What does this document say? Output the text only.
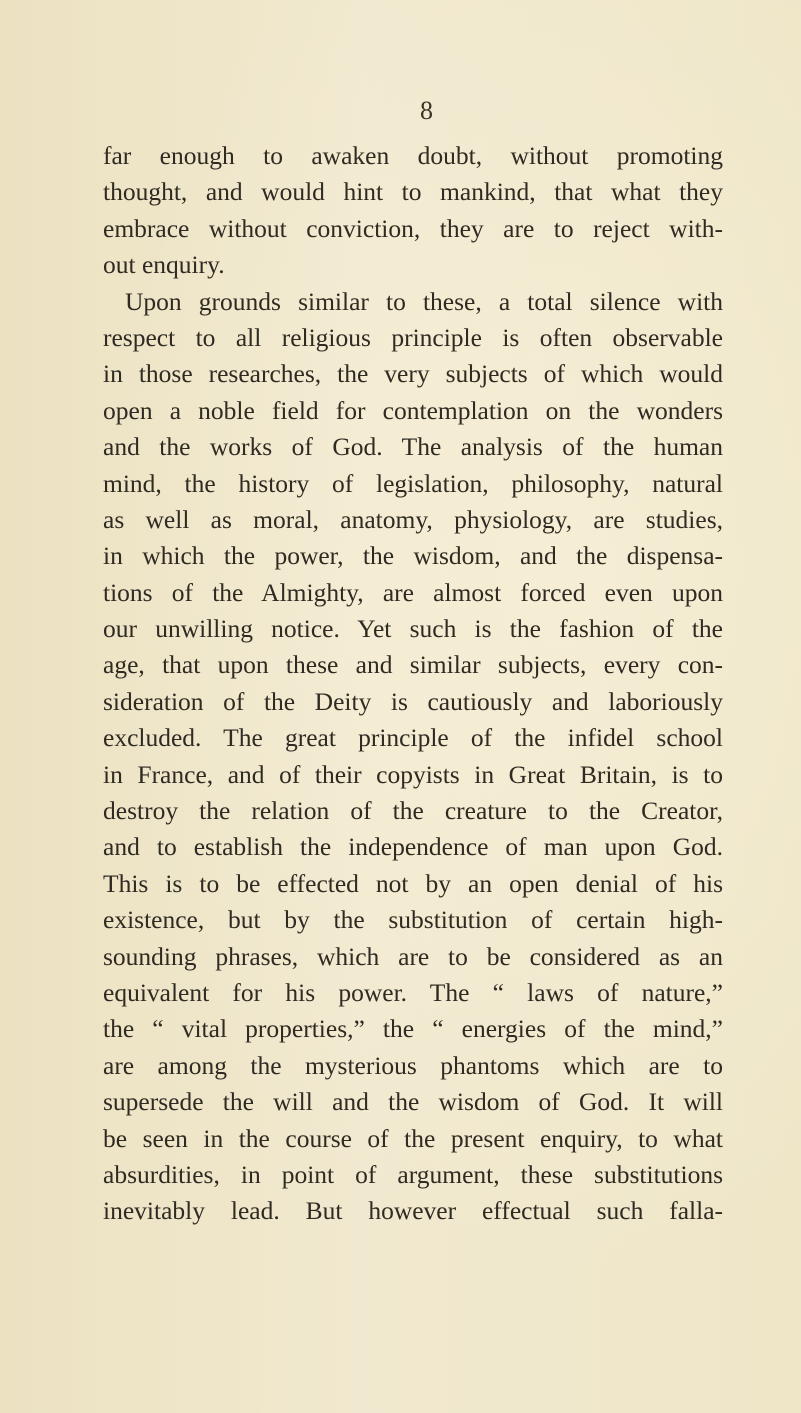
8
far enough to awaken doubt, without promoting
thought, and would hint to mankind, that what they
embrace without conviction, they are to reject with-
out enquiry.
Upon grounds similar to these, a total silence with
respect to all religious principle is often observable
in those researches, the very subjects of which would
open a noble field for contemplation on the wonders
and the works of God. The analysis of the human
mind, the history of legislation, philosophy, natural
as well as moral, anatomy, physiology, are studies,
in which the power, the wisdom, and the dispensa-
tions of the Almighty, are almost forced even upon
our unwilling notice. Yet such is the fashion of the
age, that upon these and similar subjects, every con-
sideration of the Deity is cautiously and laboriously
excluded. The great principle of the infidel school
in France, and of their copyists in Great Britain, is to
destroy the relation of the creature to the Creator,
and to establish the independence of man upon God.
This is to be effected not by an open denial of his
existence, but by the substitution of certain high-
sounding phrases, which are to be considered as an
equivalent for his power. The “ laws of nature,”
the “ vital properties,” the “ energies of the mind,”
are among the mysterious phantoms which are to
supersede the will and the wisdom of God. It will
be seen in the course of the present enquiry, to what
absurdities, in point of argument, these substitutions
inevitably lead. But however effectual such falla-
